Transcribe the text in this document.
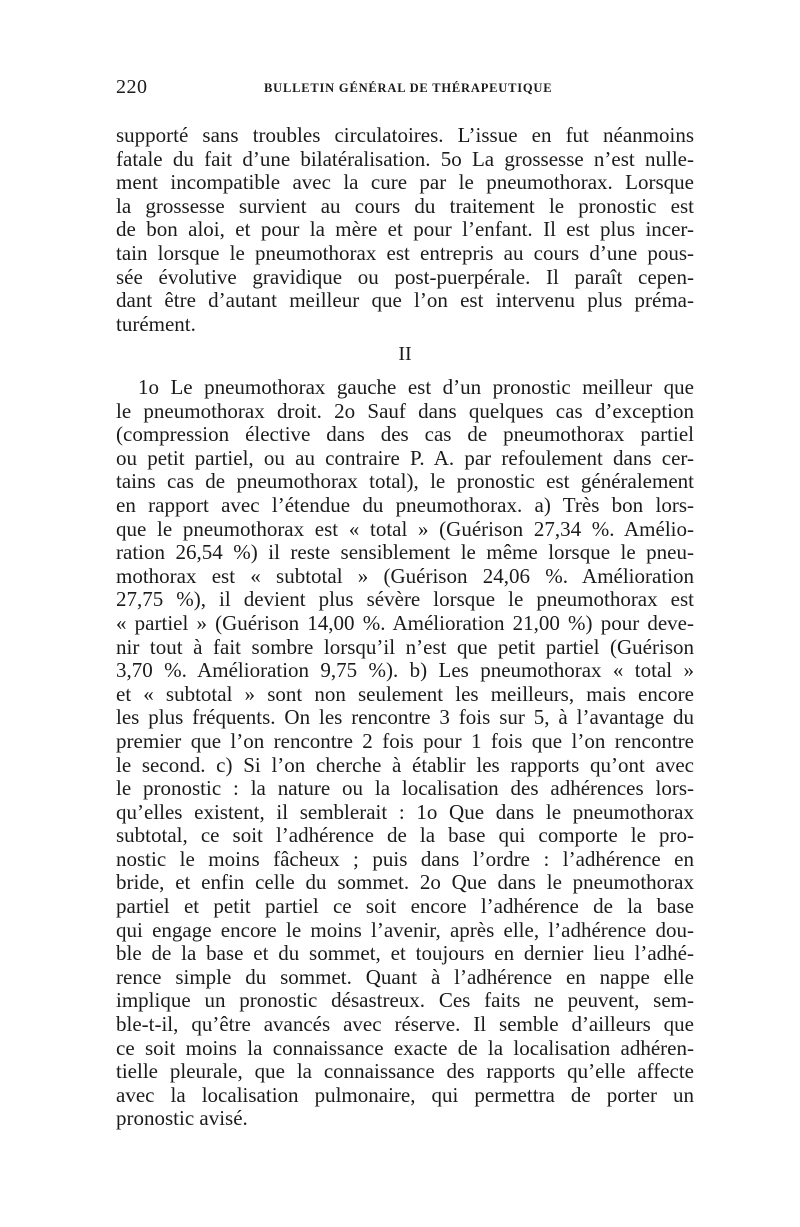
220	BULLETIN GÉNÉRAL DE THÉRAPEUTIQUE
supporté sans troubles circulatoires. L’issue en fut néanmoins
fatale du fait d’une bilatéralisation. 5o La grossesse n’est nulle-
ment incompatible avec la cure par le pneumothorax. Lorsque
la grossesse survient au cours du traitement le pronostic est
de bon aloi, et pour la mère et pour l’enfant. Il est plus incer-
tain lorsque le pneumothorax est entrepris au cours d’une pous-
sée évolutive gravidique ou post-puerpérale. Il paraît cepen-
dant être d’autant meilleur que l’on est intervenu plus préma-
turément.
II
1o Le pneumothorax gauche est d’un pronostic meilleur que
le pneumothorax droit. 2o Sauf dans quelques cas d’exception
(compression élective dans des cas de pneumothorax partiel
ou petit partiel, ou au contraire P. A. par refoulement dans cer-
tains cas de pneumothorax total), le pronostic est généralement
en rapport avec l’étendue du pneumothorax. a) Très bon lors-
que le pneumothorax est « total » (Guérison 27,34 %. Amélio-
ration 26,54 %) il reste sensiblement le même lorsque le pneu-
mothorax est « subtotal » (Guérison 24,06 %. Amélioration
27,75 %), il devient plus sévère lorsque le pneumothorax est
« partiel » (Guérison 14,00 %. Amélioration 21,00 %) pour deve-
nir tout à fait sombre lorsqu’il n’est que petit partiel (Guérison
3,70 %. Amélioration 9,75 %). b) Les pneumothorax « total »
et « subtotal » sont non seulement les meilleurs, mais encore
les plus fréquents. On les rencontre 3 fois sur 5, à l’avantage du
premier que l’on rencontre 2 fois pour 1 fois que l’on rencontre
le second. c) Si l’on cherche à établir les rapports qu’ont avec
le pronostic : la nature ou la localisation des adhérences lors-
qu’elles existent, il semblerait : 1o Que dans le pneumothorax
subtotal, ce soit l’adhérence de la base qui comporte le pro-
nostic le moins fâcheux ; puis dans l’ordre : l’adhérence en
bride, et enfin celle du sommet. 2o Que dans le pneumothorax
partiel et petit partiel ce soit encore l’adhérence de la base
qui engage encore le moins l’avenir, après elle, l’adhérence dou-
ble de la base et du sommet, et toujours en dernier lieu l’adhé-
rence simple du sommet. Quant à l’adhérence en nappe elle
implique un pronostic désastreux. Ces faits ne peuvent, sem-
ble-t-il, qu’être avancés avec réserve. Il semble d’ailleurs que
ce soit moins la connaissance exacte de la localisation adhéren-
tielle pleurale, que la connaissance des rapports qu’elle affecte
avec la localisation pulmonaire, qui permettra de porter un
pronostic avisé.
